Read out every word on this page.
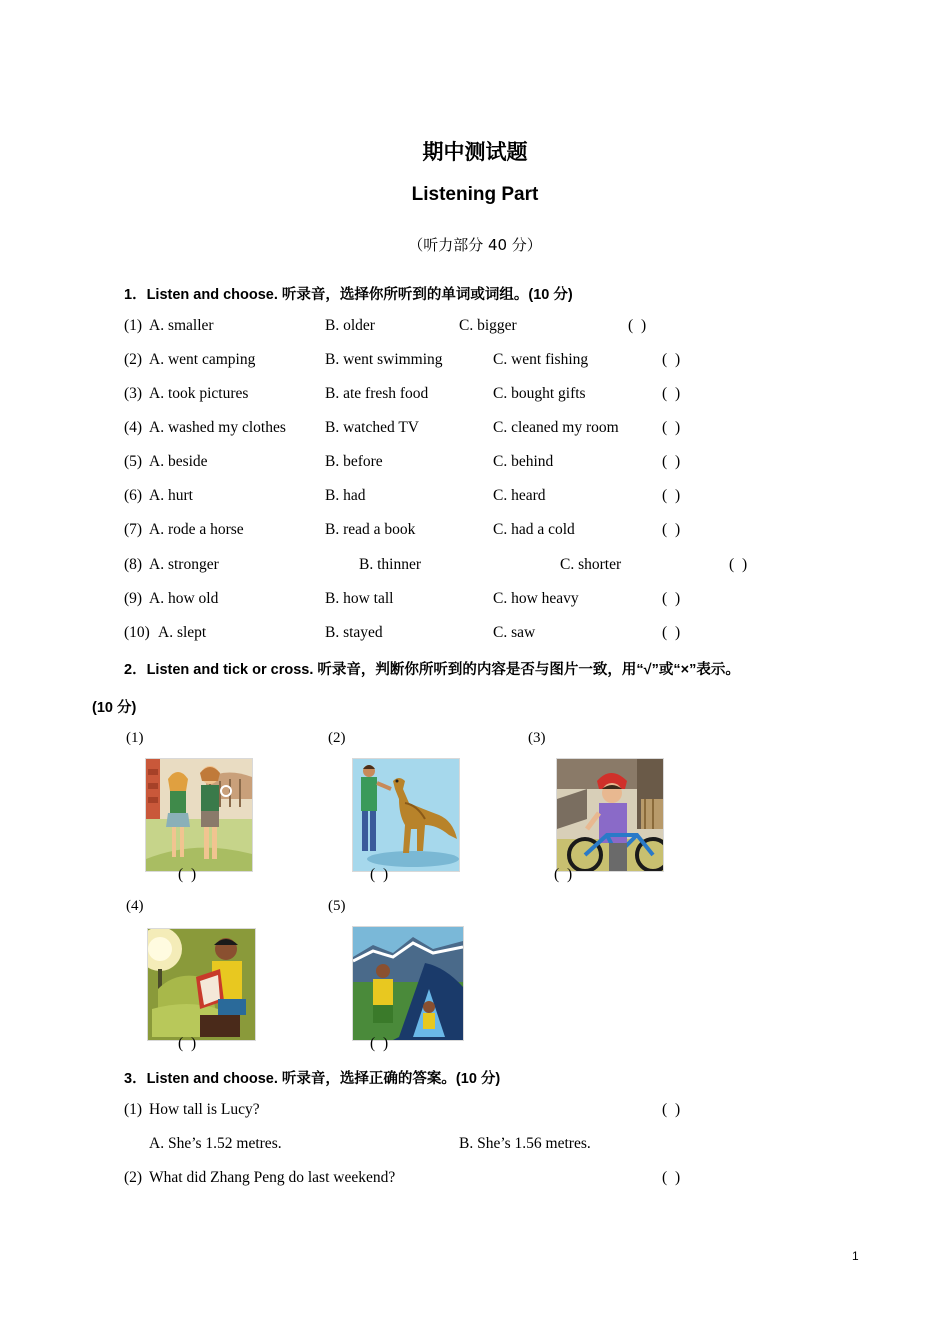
期中测试题
Listening Part
（听力部分 40 分）
1．Listen and choose. 听录音，选择你所听到的单词或词组。(10 分)
(1) A. smaller	B. older	C. bigger	( )
(2) A. went camping	B. went swimming	C. went fishing	( )
(3) A. took pictures	B. ate fresh food	C. bought gifts	( )
(4) A. washed my clothes	B. watched TV	C. cleaned my room	( )
(5) A. beside	B. before	C. behind	( )
(6) A. hurt	B. had	C. heard	( )
(7) A. rode a horse	B. read a book	C. had a cold	( )
(8) A. stronger	B. thinner	C. shorter	( )
(9) A. how old	B. how tall	C. how heavy	( )
(10) A. slept	B. stayed	C. saw	( )
2．Listen and tick or cross. 听录音，判断你所听到的内容是否与图片一致，用“√”或“×”表示。
(10 分)
(1)	(2)	(3)
(4)	(5)
( )	( )	( )
( )	( )
3．Listen and choose. 听录音，选择正确的答案。(10 分)
(1) How tall is Lucy?	( )
A. She’s 1.52 metres.	B. She’s 1.56 metres.
(2) What did Zhang Peng do last weekend?	( )
1
